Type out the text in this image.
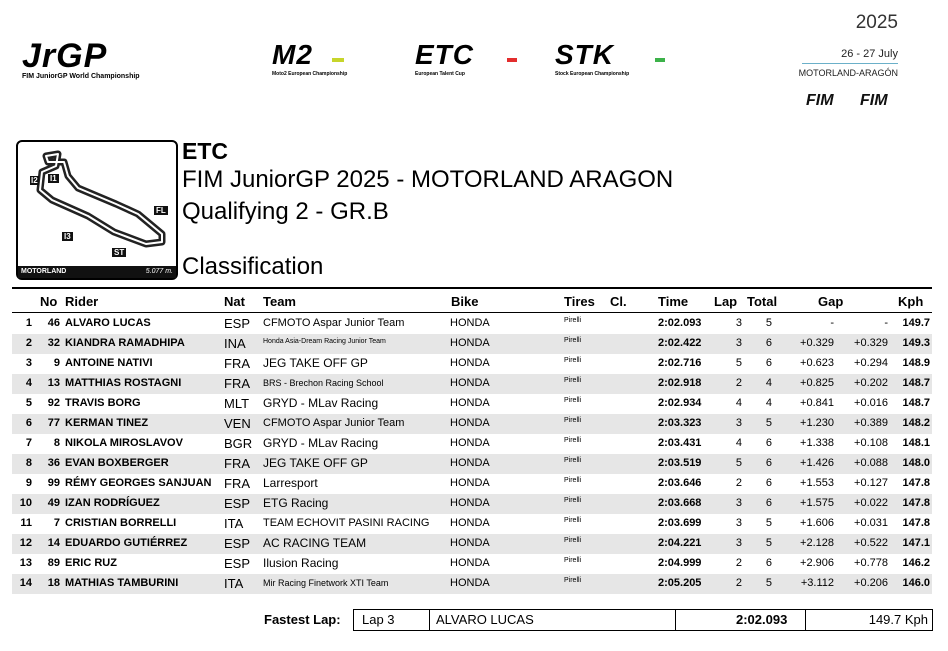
JrGP
FIM JuniorGP World Championship
M2
Moto2 European Championship
ETC
European Talent Cup
STK
Stock European Championship
2025
26 - 27 July
MOTORLAND-ARAGÓN
FIM FIM
I2 I1
FL
I3
ST
MOTORLAND	5.077 m.
ETC
FIM JuniorGP 2025 - MOTORLAND ARAGON
Qualifying 2 - GR.B
Classification
No Rider	Nat Team	Bike	Tires Cl. Time Lap Total	Gap	Kph
1	46 ALVARO LUCAS	ESP CFMOTO Aspar Junior Team	HONDA	Pirelli	2:02.093	3	5	-	-	149.7
2	32 KIANDRA RAMADHIPA	INA Honda Asia-Dream Racing Junior Team	HONDA	Pirelli	2:02.422	3	6	+0.329	+0.329	149.3
3	9 ANTOINE NATIVI	FRA JEG TAKE OFF GP	HONDA	Pirelli	2:02.716	5	6	+0.623	+0.294	148.9
4	13 MATTHIAS ROSTAGNI	FRA BRS - Brechon Racing School	HONDA	Pirelli	2:02.918	2	4	+0.825	+0.202	148.7
5	92 TRAVIS BORG	MLT GRYD - MLav Racing	HONDA	Pirelli	2:02.934	4	4	+0.841	+0.016	148.7
6	77 KERMAN TINEZ	VEN CFMOTO Aspar Junior Team	HONDA	Pirelli	2:03.323	3	5	+1.230	+0.389	148.2
7	8 NIKOLA MIROSLAVOV	BGR GRYD - MLav Racing	HONDA	Pirelli	2:03.431	4	6	+1.338	+0.108	148.1
8	36 EVAN BOXBERGER	FRA JEG TAKE OFF GP	HONDA	Pirelli	2:03.519	5	6	+1.426	+0.088	148.0
9	99 RÉMY GEORGES SANJUAN FRA Larresport	HONDA	Pirelli	2:03.646	2	6	+1.553	+0.127	147.8
10	49 IZAN RODRÍGUEZ	ESP ETG Racing	HONDA	Pirelli	2:03.668	3	6	+1.575	+0.022	147.8
11	7 CRISTIAN BORRELLI	ITA TEAM ECHOVIT PASINI RACING HONDA	Pirelli	2:03.699	3	5	+1.606	+0.031	147.8
12	14 EDUARDO GUTIÉRREZ	ESP AC RACING TEAM	HONDA	Pirelli	2:04.221	3	5	+2.128	+0.522	147.1
13	89 ERIC RUZ	ESP Ilusion Racing	HONDA	Pirelli	2:04.999	2	6	+2.906	+0.778	146.2
14	18 MATHIAS TAMBURINI	ITA Mir Racing Finetwork XTI Team	HONDA	Pirelli	2:05.205	2	5	+3.112	+0.206	146.0
Fastest Lap: Lap 3	ALVARO LUCAS	2:02.093	149.7 Kph
